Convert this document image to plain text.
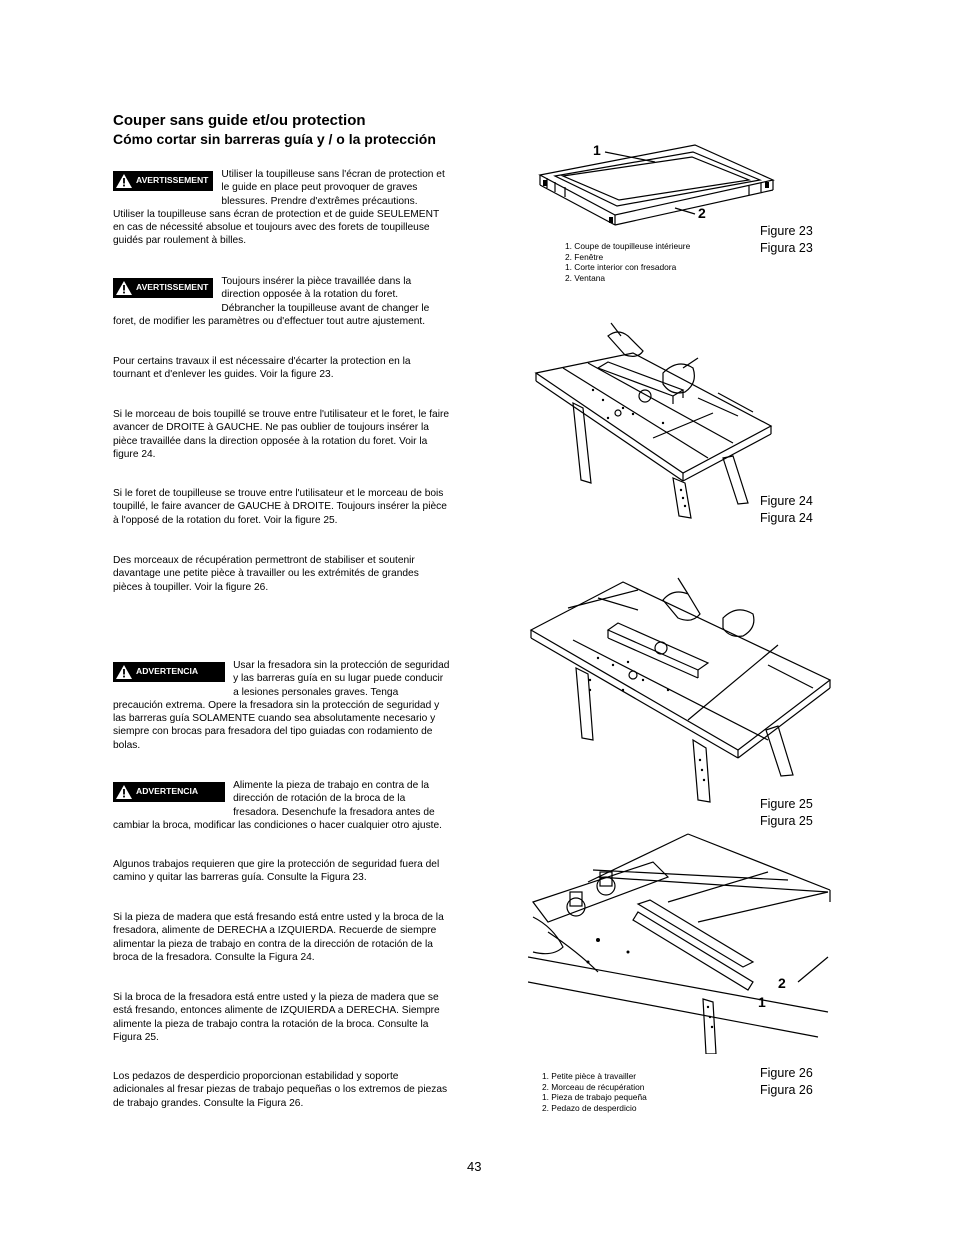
Couper sans guide et/ou protection
Cómo cortar sin barreras guía y / o la protección
AVERTISSEMENT
Utiliser la toupilleuse sans l'écran de protection et le guide en place peut provoquer de graves blessures. Prendre d'extrêmes précautions. Utiliser la toupilleuse sans écran de protection et de guide SEULEMENT en cas de nécessité absolue et toujours avec des forets de toupilleuse guidés par roulement à billes.
AVERTISSEMENT
Toujours insérer la pièce travaillée dans la direction opposée à la rotation du foret. Débrancher la toupilleuse avant de changer le foret, de modifier les paramètres ou d'effectuer tout autre ajustement.
Pour certains travaux il est nécessaire d'écarter la protection en la tournant et d'enlever les guides. Voir la figure 23.
Si le morceau de bois toupillé se trouve entre l'utilisateur et le foret, le faire avancer de DROITE à GAUCHE. Ne pas oublier de toujours insérer la pièce travaillée dans la direction opposée à la rotation du foret. Voir la figure 24.
Si le foret de toupilleuse se trouve entre l'utilisateur et le morceau de bois toupillé, le faire avancer de GAUCHE à DROITE. Toujours insérer la pièce à l'opposé de la rotation du foret. Voir la figure 25.
Des morceaux de récupération permettront de stabiliser et soutenir davantage une petite pièce à travailler ou les extrémités de grandes pièces à toupiller. Voir la figure 26.
ADVERTENCIA
Usar la fresadora sin la protección de seguridad y las barreras guía en su lugar puede conducir a lesiones personales graves. Tenga precaución extrema. Opere la fresadora sin la protección de seguridad y las barreras guía SOLAMENTE cuando sea absolutamente necesario y siempre con brocas para fresadora del tipo guiadas con rodamiento de bolas.
ADVERTENCIA
Alimente la pieza de trabajo en contra de la dirección de rotación de la broca de la fresadora. Desenchufe la fresadora antes de cambiar la broca, modificar las condiciones o hacer cualquier otro ajuste.
Algunos trabajos requieren que gire la protección de seguridad fuera del camino y quitar las barreras guía. Consulte la Figura 23.
Si la pieza de madera que está fresando está entre usted y la broca de la fresadora, alimente de DERECHA a IZQUIERDA. Recuerde de siempre alimentar la pieza de trabajo en contra de la dirección de rotación de la broca de la fresadora. Consulte la Figura 24.
Si la broca de la fresadora está entre usted y la pieza de madera que se está fresando, entonces alimente de IZQUIERDA a DERECHA. Siempre alimente la pieza de trabajo contra la rotación de la broca. Consulte la Figura 25.
Los pedazos de desperdicio proporcionan estabilidad y soporte adicionales al fresar piezas de trabajo pequeñas o los extremos de piezas de trabajo grandes. Consulte la Figura 26.
1
2
Figure 23
Figura 23
1. Coupe de toupilleuse intérieure
2. Fenêtre
1. Corte interior con fresadora
2. Ventana
Figure 24
Figura 24
Figure 25
Figura 25
2
1
Figure 26
Figura 26
1. Petite pièce à travailler
2. Morceau de récupération
1. Pieza de trabajo pequeña
2. Pedazo de desperdicio
43
